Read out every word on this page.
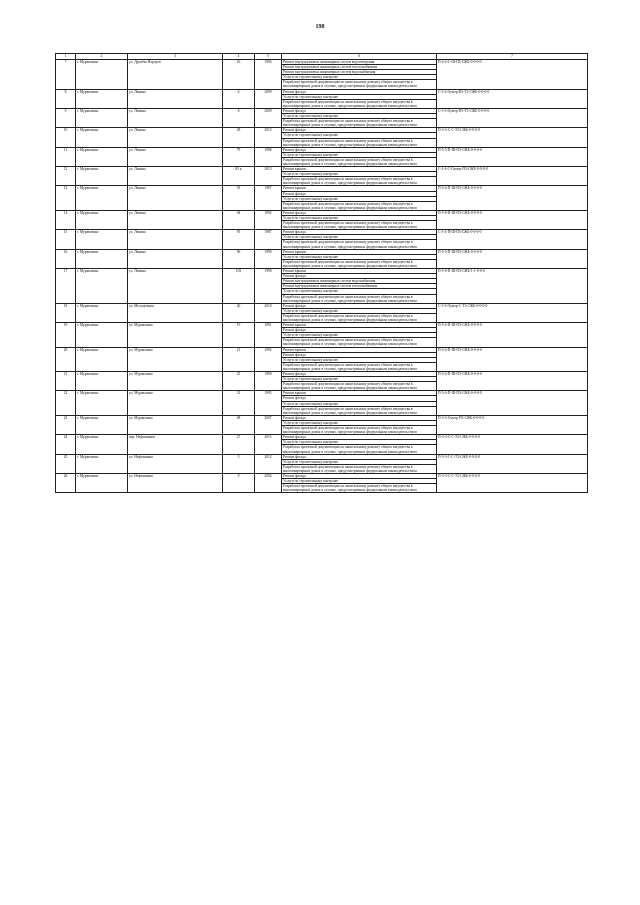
198
1	2	3	4	5	6	7
7	г. Муравленко	ул. Дружбы Народов	16	1994	Ремонт внутридомовых инженерных систем водоотведения	П-2-4-С-Ш-П5-СЖБ-0-0-0-0
					Ремонт внутридомовых инженерных систем теплоснабжения	
					Ремонт внутридомовых инженерных систем водоснабжения	
					Услуги по строительному контролю	
					Разработка проектной документации по капитальному ремонту общего имущества в многоквартирных домах в случаях, предусмотренных федеральным законодательством	
8	г. Муравленко	ул. Ленина	6	2009	Ремонт фасада	С-3-2-Оумтр-П3-Т3-СЖБ-0-0-0-0
					Услуги по строительному контролю	
					Разработка проектной документации по капитальному ремонту общего имущества в многоквартирных домах в случаях, предусмотренных федеральным законодательством	
9	г. Муравленко	ул. Ленина	8	2009	Ремонт фасада	С-3-3-Оумтр-П3-Т3-СЖБ-0-0-0-0
					Услуги по строительному контролю	
					Разработка проектной документации по капитальному ремонту общего имущества в многоквартирных домах в случаях, предусмотренных федеральным законодательством	
10	г. Муравленко	ул. Ленина	28	2015	Ремонт фасада	П-3-3-С-С-Т3-СЖБ-0-0-0-0
					Услуги по строительному контролю	
					Разработка проектной документации по капитальному ремонту общего имущества в многоквартирных домах в случаях, предусмотренных федеральным законодательством	
11	г. Муравленко	ул. Ленина	79	1988	Ремонт фасада	П-5-5-П-Ш-П3-СЖБ-0-0-0-0
					Услуги по строительному контролю	
					Разработка проектной документации по капитальному ремонту общего имущества в многоквартирных домах в случаях, предусмотренных федеральным законодательством	
12	г. Муравленко	ул. Ленина	83 к	2013	Ремонт крыши	С-4-4-С-Оумтр-П3-СЖБ-0-0-0-0
					Услуги по строительному контролю	
					Разработка проектной документации по капитальному ремонту общего имущества в многоквартирных домах в случаях, предусмотренных федеральным законодательством	
13	г. Муравленко	ул. Ленина	91	1987	Ремонт крыши	П-5-4-П-Ш-П3-СЖБ-0-0-0-0
					Ремонт фасада	
					Услуги по строительному контролю	
					Разработка проектной документации по капитальному ремонту общего имущества в многоквартирных домах в случаях, предусмотренных федеральным законодательством	
14	г. Муравленко	ул. Ленина	94	1992	Ремонт фасада	П-5-8-П-Ш-П3-СЖБ-0-0-0-0
					Услуги по строительному контролю	
					Разработка проектной документации по капитальному ремонту общего имущества в многоквартирных домах в случаях, предусмотренных федеральным законодательством	
15	г. Муравленко	ул. Ленина	95	1987	Ремонт фасада	С-5-4-П-Ш-П3-СЖБ-0-0-0-0
					Услуги по строительному контролю	
					Разработка проектной документации по капитальному ремонту общего имущества в многоквартирных домах в случаях, предусмотренных федеральным законодательством	
16	г. Муравленко	ул. Ленина	96	1990	Ремонт крыши	П-5-5-П-Ш-П3-СЖБ-0-0-0-0
					Услуги по строительному контролю	
					Разработка проектной документации по капитальному ремонту общего имущества в многоквартирных домах в случаях, предусмотренных федеральным законодательством	
17	г. Муравленко	ул. Ленина	103	1990	Ремонт крыши	П-5-8-П-Ш-П3-СЖБ-1-1-0-0-0
					Ремонт фасада	
					Ремонт внутридомовых инженерных систем водоснабжения	
					Ремонт внутридомовых инженерных систем теплоснабжения	
					Услуги по строительному контролю	
					Разработка проектной документации по капитальному ремонту общего имущества в многоквартирных домах в случаях, предусмотренных федеральным законодательством	
18	г. Муравленко	ул. Молодёжная	40	2010	Ремонт фасада	С-3-3-Оумтр-С-Т3-СЖБ-0-0-0-0
					Услуги по строительному контролю	
					Разработка проектной документации по капитальному ремонту общего имущества в многоквартирных домах в случаях, предусмотренных федеральным законодательством	
19	г. Муравленко	ул. Муравленко	19	1991	Ремонт крыши	П-5-4-П-Ш-П3-СЖБ-0-0-0-0
					Ремонт фасада	
					Услуги по строительному контролю	
					Разработка проектной документации по капитальному ремонту общего имущества в многоквартирных домах в случаях, предусмотренных федеральным законодательством	
20	г. Муравленко	ул. Муравленко	21	1992	Ремонт крыши	П-5-4-П-Ш-П3-СЖБ-0-0-0-0
					Ремонт фасада	
					Услуги по строительному контролю	
					Разработка проектной документации по капитальному ремонту общего имущества в многоквартирных домах в случаях, предусмотренных федеральным законодательством	
21	г. Муравленко	ул. Муравленко	25	1990	Ремонт фасада	П-5-4-П-Ш-П3-СЖБ-0-0-0-0
					Услуги по строительному контролю	
					Разработка проектной документации по капитальному ремонту общего имущества в многоквартирных домах в случаях, предусмотренных федеральным законодательством	
22	г. Муравленко	ул. Муравленко	31	1995	Ремонт крыши	П-5-4-П-Ш-П3-СЖБ-0-0-0-0
					Ремонт фасада	
					Услуги по строительному контролю	
					Разработка проектной документации по капитальному ремонту общего имущества в многоквартирных домах в случаях, предусмотренных федеральным законодательством	
23	г. Муравленко	ул. Муравленко	48	2007	Ремонт фасада	П-3-3-Оумтр-П3-СЖБ-0-0-0-0
					Услуги по строительному контролю	
					Разработка проектной документации по капитальному ремонту общего имущества в многоквартирных домах в случаях, предусмотренных федеральным законодательством	
24	г. Муравленко	пер. Нефтяников	27	2015	Ремонт фасада	П-3-3-С-С-Т3-СЖБ-0-0-0-0
					Услуги по строительному контролю	
					Разработка проектной документации по капитальному ремонту общего имущества в многоквартирных домах в случаях, предусмотренных федеральным законодательством	
25	г. Муравленко	ул. Нефтяников	5	2012	Ремонт фасада	П-3-3-С-С-Т3-СЖБ-0-0-0-0
					Услуги по строительному контролю	
					Разработка проектной документации по капитальному ремонту общего имущества в многоквартирных домах в случаях, предусмотренных федеральным законодательством	
26	г. Муравленко	ул. Нефтяников	9	2004	Ремонт фасада	П-3-3-С-С-Т3-СЖБ-0-0-0-0
					Услуги по строительному контролю	
					Разработка проектной документации по капитальному ремонту общего имущества в многоквартирных домах в случаях, предусмотренных федеральным законодательством	
